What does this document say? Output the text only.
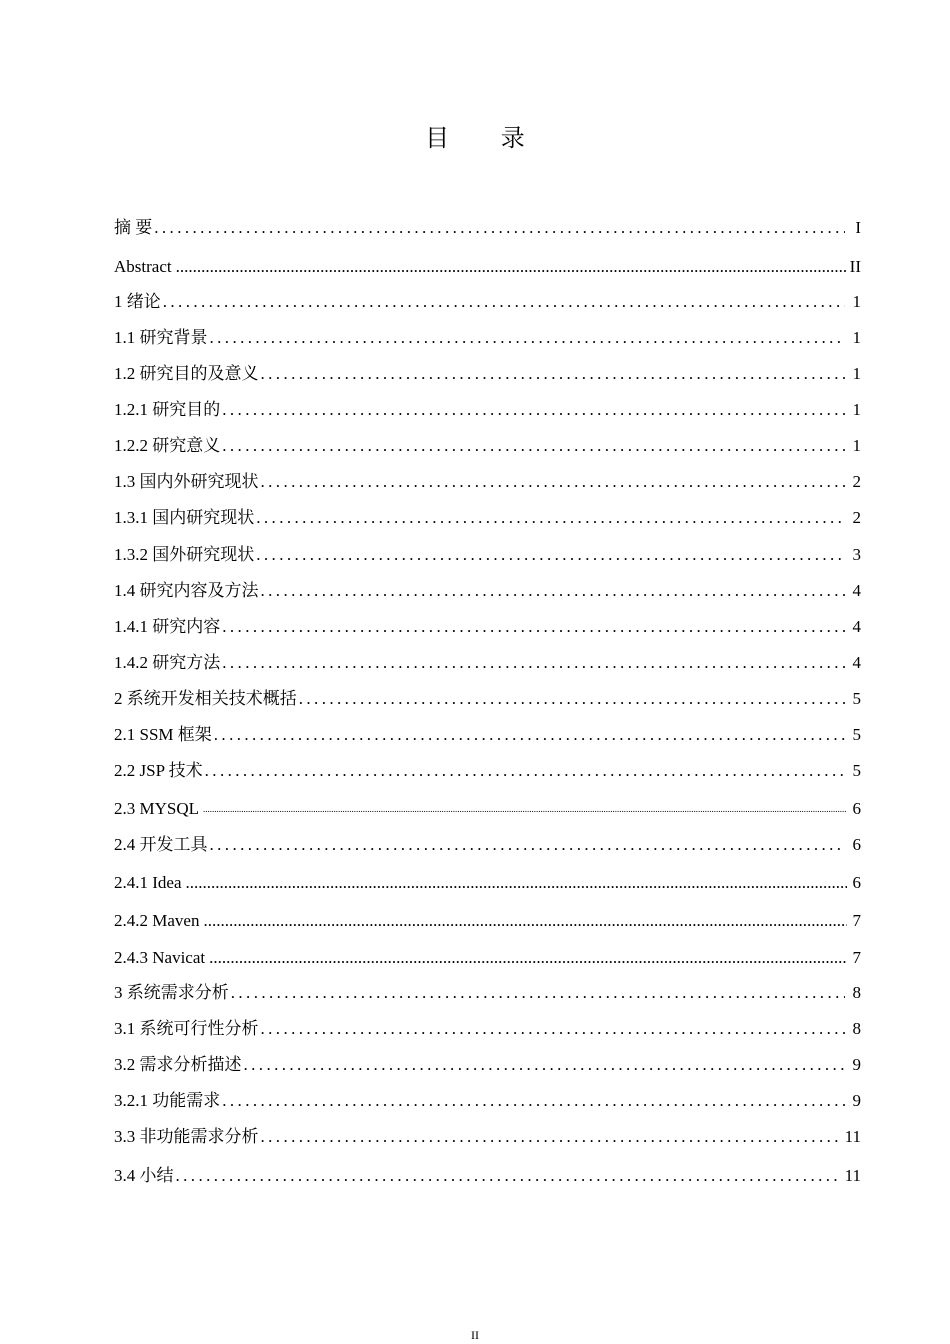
目 录
摘 要 .....	I
Abstract .....	II
1 绪论 .....	1
1.1 研究背景 .....	1
1.2 研究目的及意义 .....	1
1.2.1 研究目的 .....	1
1.2.2 研究意义 .....	1
1.3 国内外研究现状 .....	2
1.3.1 国内研究现状 .....	2
1.3.2 国外研究现状 .....	3
1.4 研究内容及方法 .....	4
1.4.1 研究内容 .....	4
1.4.2 研究方法 .....	4
2 系统开发相关技术概括 .....	5
2.1 SSM 框架 .....	5
2.2 JSP 技术 .....	5
2.3 MYSQL .....	6
2.4 开发工具 .....	6
2.4.1 Idea .....	6
2.4.2 Maven .....	7
2.4.3 Navicat .....	7
3 系统需求分析 .....	8
3.1 系统可行性分析 .....	8
3.2 需求分析描述 .....	9
3.2.1 功能需求 .....	9
3.3 非功能需求分析 .....	11
3.4 小结 .....	11
II
